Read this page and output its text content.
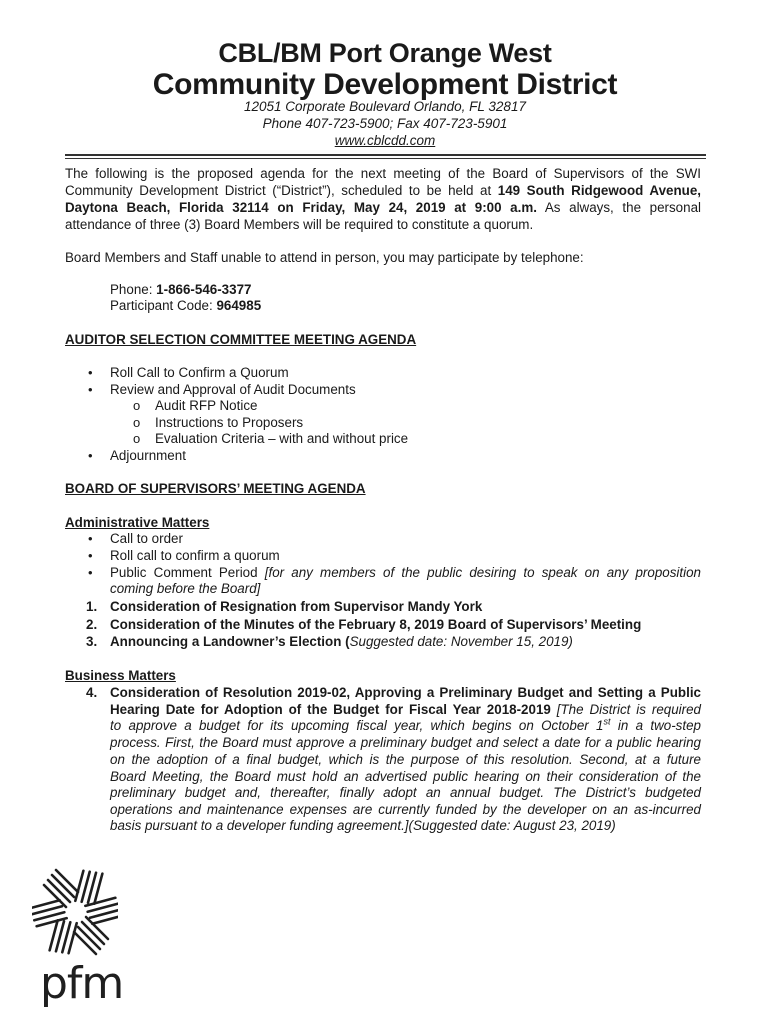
CBL/BM Port Orange West
Community Development District
12051 Corporate Boulevard Orlando, FL 32817
Phone 407-723-5900; Fax 407-723-5901
www.cblcdd.com
The following is the proposed agenda for the next meeting of the Board of Supervisors of the SWI
Community Development District (“District”), scheduled to be held at 149 South Ridgewood Avenue,
Daytona Beach, Florida 32114 on Friday, May 24, 2019 at 9:00 a.m. As always, the personal
attendance of three (3) Board Members will be required to constitute a quorum.
Board Members and Staff unable to attend in person, you may participate by telephone:
Phone: 1-866-546-3377
Participant Code: 964985
AUDITOR SELECTION COMMITTEE MEETING AGENDA
• Roll Call to Confirm a Quorum
• Review and Approval of Audit Documents
o Audit RFP Notice
o Instructions to Proposers
o Evaluation Criteria – with and without price
• Adjournment
BOARD OF SUPERVISORS’ MEETING AGENDA
Administrative Matters
• Call to order
• Roll call to confirm a quorum
• Public Comment Period [for any members of the public desiring to speak on any proposition
coming before the Board]
1. Consideration of Resignation from Supervisor Mandy York
2. Consideration of the Minutes of the February 8, 2019 Board of Supervisors’ Meeting
3. Announcing a Landowner’s Election (Suggested date: November 15, 2019)
Business Matters
4. Consideration of Resolution 2019-02, Approving a Preliminary Budget and Setting a Public
Hearing Date for Adoption of the Budget for Fiscal Year 2018-2019 [The District is required
to approve a budget for its upcoming fiscal year, which begins on October 1st in a two-step
process. First, the Board must approve a preliminary budget and select a date for a public hearing
on the adoption of a final budget, which is the purpose of this resolution. Second, at a future
Board Meeting, the Board must hold an advertised public hearing on their consideration of the
preliminary budget and, thereafter, finally adopt an annual budget. The District’s budgeted
operations and maintenance expenses are currently funded by the developer on an as-incurred
basis pursuant to a developer funding agreement.](Suggested date: August 23, 2019)
pfm
